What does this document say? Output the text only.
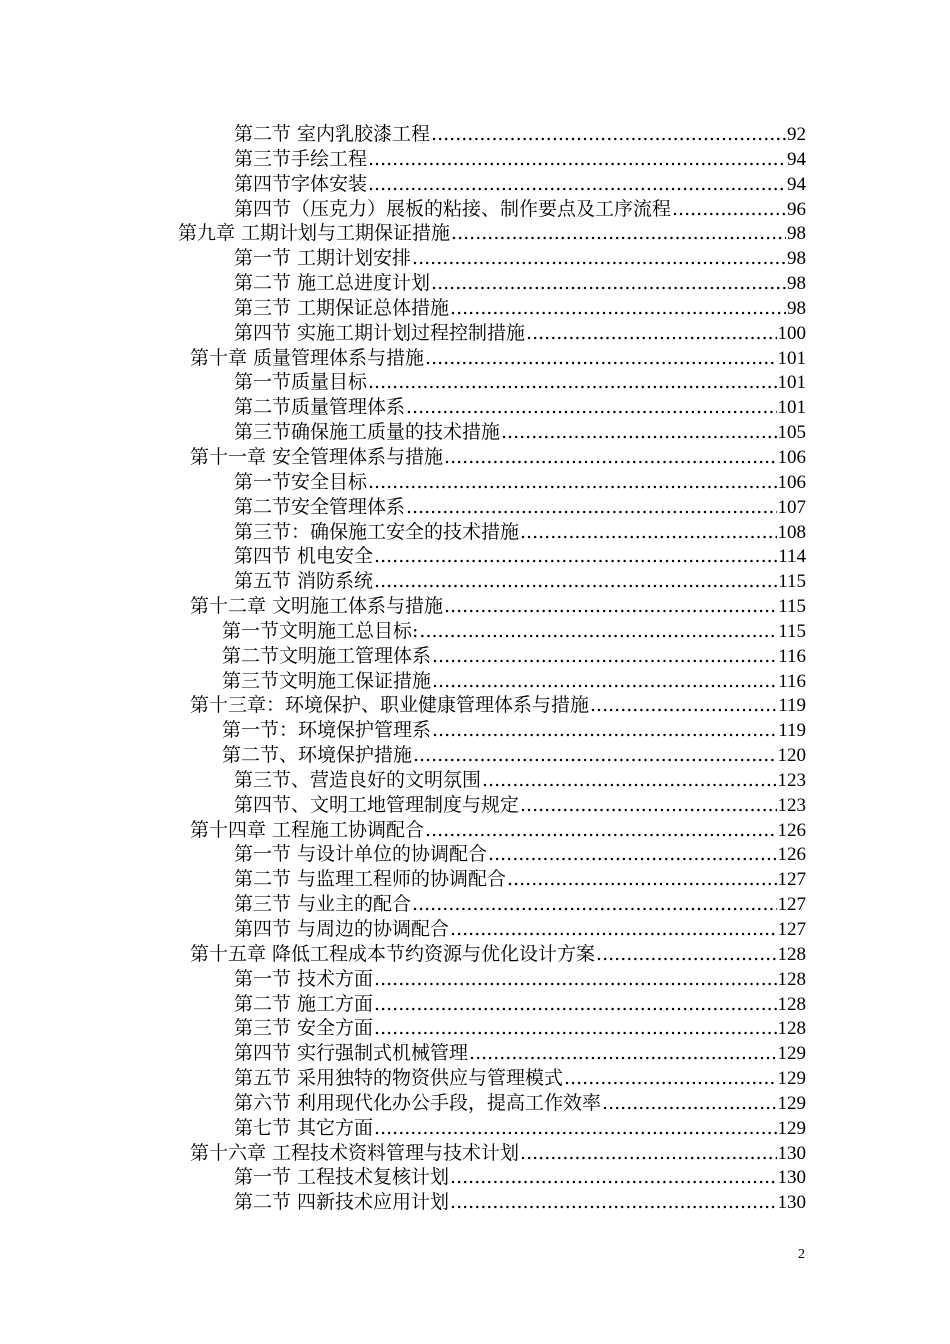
第二节 室内乳胶漆工程 .....	92
第三节手绘工程 .....	94
第四节字体安装 .....	94
第四节（压克力）展板的粘接、制作要点及工序流程 .....	96
第九章 工期计划与工期保证措施 .....	98
第一节 工期计划安排 .....	98
第二节 施工总进度计划 .....	98
第三节 工期保证总体措施 .....	98
第四节 实施工期计划过程控制措施 .....	100
第十章 质量管理体系与措施 .....	101
第一节质量目标 .....	101
第二节质量管理体系 .....	101
第三节确保施工质量的技术措施 .....	105
第十一章 安全管理体系与措施 .....	106
第一节安全目标 .....	106
第二节安全管理体系 .....	107
第三节：确保施工安全的技术措施 .....	108
第四节 机电安全 .....	114
第五节 消防系统 .....	115
第十二章 文明施工体系与措施 .....	115
第一节文明施工总目标: .....	115
第二节文明施工管理体系 .....	116
第三节文明施工保证措施 .....	116
第十三章：环境保护、职业健康管理体系与措施 .....	119
第一节：环境保护管理系 .....	119
第二节、环境保护措施 .....	120
第三节、营造良好的文明氛围 .....	123
第四节、文明工地管理制度与规定 .....	123
第十四章 工程施工协调配合 .....	126
第一节 与设计单位的协调配合 .....	126
第二节 与监理工程师的协调配合 .....	127
第三节 与业主的配合 .....	127
第四节 与周边的协调配合 .....	127
第十五章 降低工程成本节约资源与优化设计方案 .....	128
第一节 技术方面 .....	128
第二节 施工方面 .....	128
第三节 安全方面 .....	128
第四节 实行强制式机械管理 .....	129
第五节 采用独特的物资供应与管理模式 .....	129
第六节 利用现代化办公手段，提高工作效率 .....	129
第七节 其它方面 .....	129
第十六章 工程技术资料管理与技术计划 .....	130
第一节 工程技术复核计划 .....	130
第二节 四新技术应用计划 .....	130
2
